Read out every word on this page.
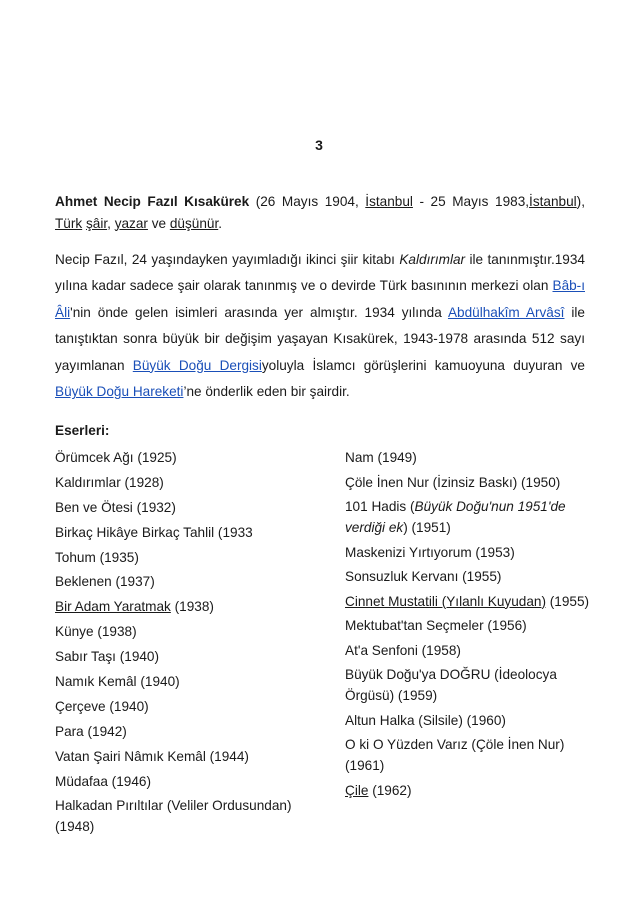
3

Ahmet Necip Fazıl Kısakürek (26 Mayıs 1904, İstanbul - 25 Mayıs 1983,İstanbul), Türk şâir, yazar ve düşünür.

Necip Fazıl, 24 yaşındayken yayımladığı ikinci şiir kitabı Kaldırımlar ile tanınmıştır.1934 yılına kadar sadece şair olarak tanınmış ve o devirde Türk basınının merkezi olan Bâb-ı Âli'nin önde gelen isimleri arasında yer almıştır. 1934 yılında Abdülhakîm Arvâsî ile tanıştıktan sonra büyük bir değişim yaşayan Kısakürek, 1943-1978 arasında 512 sayı yayımlanan Büyük Doğu Dergisiyoluyla İslamcı görüşlerini kamuoyuna duyuran ve Büyük Doğu Hareketi’ne önderlik eden bir şairdir.

Eserleri:

Örümcek Ağı (1925)

Kaldırımlar (1928)

Ben ve Ötesi (1932)

Birkaç Hikâye Birkaç Tahlil (1933

Tohum (1935)

Beklenen (1937)

Bir Adam Yaratmak (1938)

Künye (1938)

Sabır Taşı (1940)

Namık Kemâl (1940)

Çerçeve (1940)

Para (1942)

Vatan Şairi Nâmık Kemâl (1944)

Müdafaa (1946)

Halkadan Pırıltılar (Veliler Ordusundan) (1948)

Nam (1949)

Çöle İnen Nur (İzinsiz Baskı) (1950)

101 Hadis (Büyük Doğu'nun 1951'de verdiği ek) (1951)

Maskenizi Yırtıyorum (1953)

Sonsuzluk Kervanı (1955)

Cinnet Mustatili (Yılanlı Kuyudan) (1955)

Mektubat'tan Seçmeler (1956)

At'a Senfoni (1958)

Büyük Doğu'ya DOĞRU (İdeolocya Örgüsü) (1959)

Altun Halka (Silsile) (1960)

O ki O Yüzden Varız (Çöle İnen Nur) (1961)

Çile (1962)
